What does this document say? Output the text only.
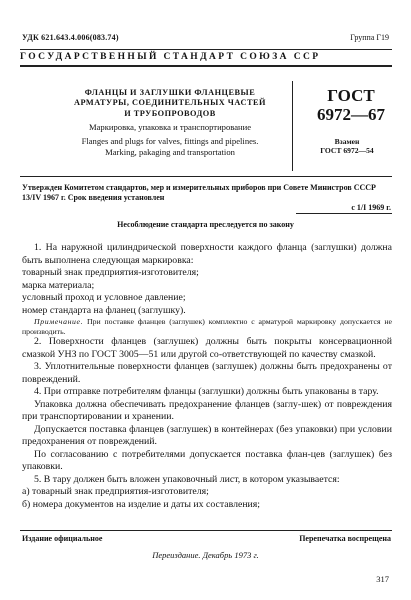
УДК 621.643.4.006(083.74)	Группа Г19
ГОСУДАРСТВЕННЫЙ СТАНДАРТ СОЮЗА ССР
ФЛАНЦЫ И ЗАГЛУШКИ ФЛАНЦЕВЫЕ
АРМАТУРЫ, СОЕДИНИТЕЛЬНЫХ ЧАСТЕЙ
И ТРУБОПРОВОДОВ
Маркировка, упаковка и транспортирование
Flanges and plugs for valves, fittings and pipelines.
Marking, pakaging and transportation
ГОСТ
6972—67
Взамен
ГОСТ 6972—54
Утвержден Комитетом стандартов, мер и измерительных приборов при Совете Министров СССР 13/IV 1967 г. Срок введения установлен
с 1/I 1969 г.
Несоблюдение стандарта преследуется по закону

1. На наружной цилиндрической поверхности каждого фланца (заглушки) должна быть выполнена следующая маркировка:

товарный знак предприятия-изготовителя;

марка материала;

условный проход и условное давление;

номер стандарта на фланец (заглушку).

Примечание. При поставке фланцев (заглушек) комплектно с арматурой маркировку допускается не производить.

2. Поверхности фланцев (заглушек) должны быть покрыты консервационной смазкой УНЗ по ГОСТ 3005—51 или другой со-ответствующей по качеству смазкой.

3. Уплотнительные поверхности фланцев (заглушек) должны быть предохранены от повреждений.

4. При отправке потребителям фланцы (заглушки) должны быть упакованы в тару.

Упаковка должна обеспечивать предохранение фланцев (заглу-шек) от повреждения при транспортировании и хранении.

Допускается поставка фланцев (заглушек) в контейнерах (без упаковки) при условии предохранения от повреждений.

По согласованию с потребителями допускается поставка флан-цев (заглушек) без упаковки.

5. В тару должен быть вложен упаковочный лист, в котором указывается:

а) товарный знак предприятия-изготовителя;

б) номера документов на изделие и даты их составления;

Издание официальное	Перепечатка воспрещена
Переиздание. Декабрь 1973 г.
317
